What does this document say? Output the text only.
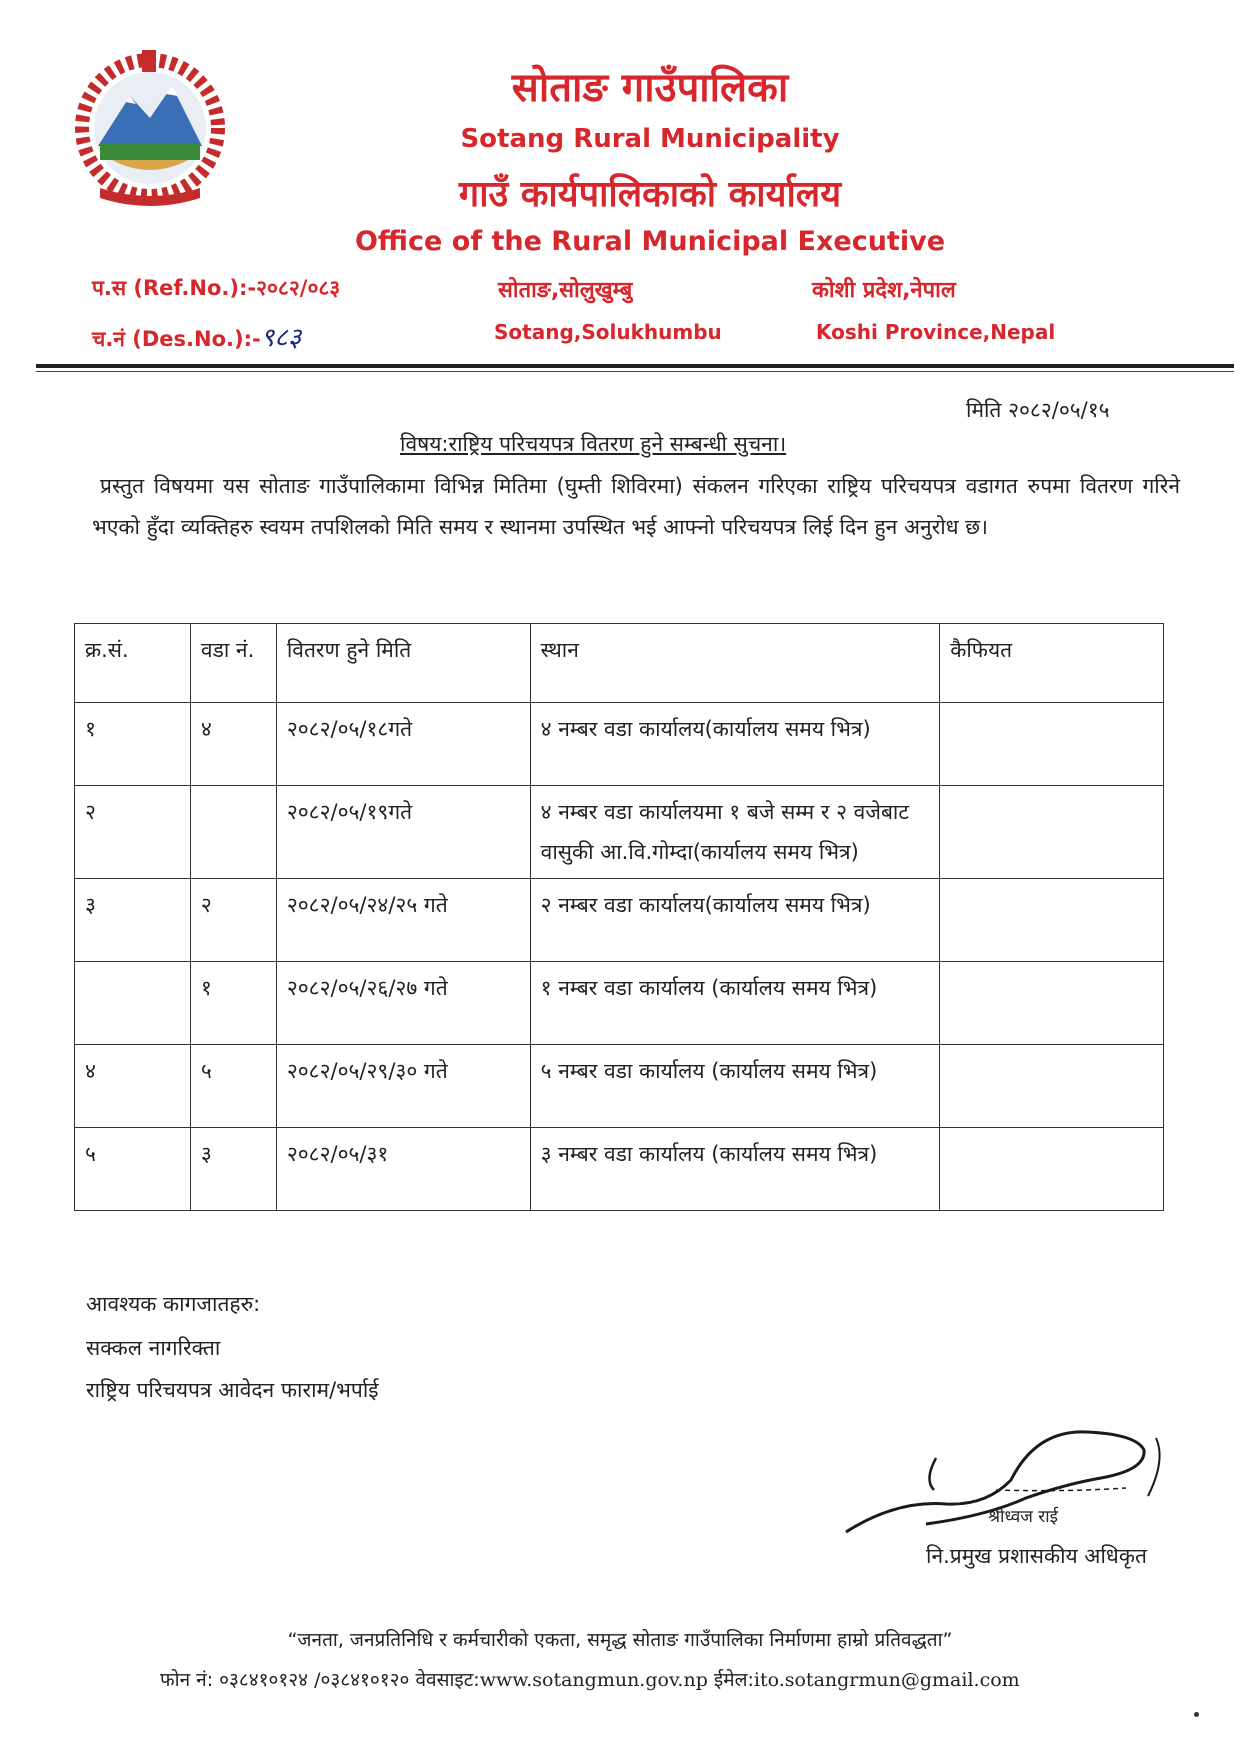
सोताङ गाउँपालिका
Sotang Rural Municipality
गाउँ कार्यपालिकाको कार्यालय
Office of the Rural Municipal Executive
प.स (Ref.No.):-२०८२/०८३
च.नं (Des.No.):-९८३
सोताङ,सोलुखुम्बु
Sotang,Solukhumbu
कोशी प्रदेश,नेपाल
Koshi Province,Nepal
मिति २०८२/०५/१५
विषय:राष्ट्रिय परिचयपत्र वितरण हुने सम्बन्धी सुचना।
प्रस्तुत विषयमा यस सोताङ गाउँपालिकामा विभिन्न मितिमा (घुम्ती शिविरमा) संकलन गरिएका राष्ट्रिय परिचयपत्र वडागत रुपमा वितरण गरिने भएको हुँदा व्यक्तिहरु स्वयम तपशिलको मिति समय र स्थानमा उपस्थित भई आफ्नो परिचयपत्र लिई दिन हुन अनुरोध छ।
क्र.सं.	वडा नं.	वितरण हुने मिति	स्थान	कैफियत
१	४	२०८२/०५/१८गते	४ नम्बर वडा कार्यालय(कार्यालय समय भित्र)	
२		२०८२/०५/१९गते	४ नम्बर वडा कार्यालयमा १ बजे सम्म र २ वजेबाट वासुकी आ.वि.गोम्दा(कार्यालय समय भित्र)	
३	२	२०८२/०५/२४/२५ गते	२ नम्बर वडा कार्यालय(कार्यालय समय भित्र)	
	१	२०८२/०५/२६/२७ गते	१ नम्बर वडा कार्यालय (कार्यालय समय भित्र)	
४	५	२०८२/०५/२९/३० गते	५ नम्बर वडा कार्यालय (कार्यालय समय भित्र)	
५	३	२०८२/०५/३१	३ नम्बर वडा कार्यालय (कार्यालय समय भित्र)	
आवश्यक कागजातहरु:
सक्कल नागरिक्ता
राष्ट्रिय परिचयपत्र आवेदन फाराम/भर्पाई
श्रीध्वज राई
नि.प्रमुख प्रशासकीय अधिकृत
“जनता, जनप्रतिनिधि र कर्मचारीको एकता, समृद्ध सोताङ गाउँपालिका निर्माणमा हाम्रो प्रतिवद्धता”
फोन नं: ०३८४१०१२४ /०३८४१०१२० वेवसाइट:www.sotangmun.gov.np ईमेल:ito.sotangrmun@gmail.com
